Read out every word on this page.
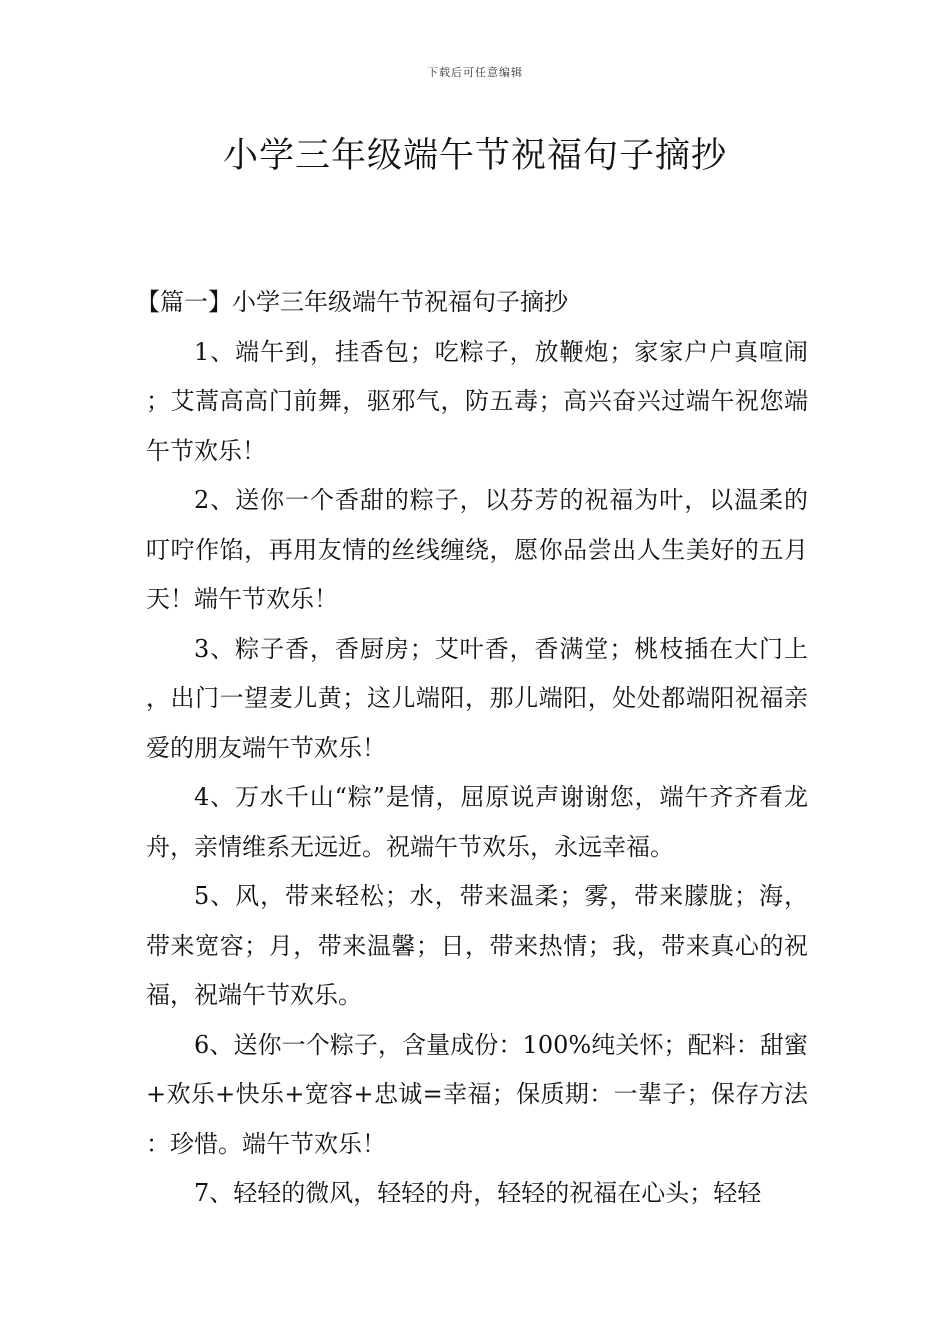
下载后可任意编辑
小学三年级端午节祝福句子摘抄
【篇一】小学三年级端午节祝福句子摘抄

1、端午到，挂香包；吃粽子，放鞭炮；家家户户真喧闹；艾蒿高高门前舞，驱邪气，防五毒；高兴奋兴过端午祝您端午节欢乐！

2、送你一个香甜的粽子，以芬芳的祝福为叶，以温柔的叮咛作馅，再用友情的丝线缠绕，愿你品尝出人生美好的五月天！端午节欢乐！

3、粽子香，香厨房；艾叶香，香满堂；桃枝插在大门上，出门一望麦儿黄；这儿端阳，那儿端阳，处处都端阳祝福亲爱的朋友端午节欢乐！

4、万水千山“粽”是情，屈原说声谢谢您，端午齐齐看龙舟，亲情维系无远近。祝端午节欢乐，永远幸福。

5、风，带来轻松；水，带来温柔；雾，带来朦胧；海，带来宽容；月，带来温馨；日，带来热情；我，带来真心的祝福，祝端午节欢乐。

6、送你一个粽子，含量成份：100%纯关怀；配料：甜蜜+欢乐+快乐+宽容+忠诚=幸福；保质期：一辈子；保存方法：珍惜。端午节欢乐！

7、轻轻的微风，轻轻的舟，轻轻的祝福在心头；轻轻
